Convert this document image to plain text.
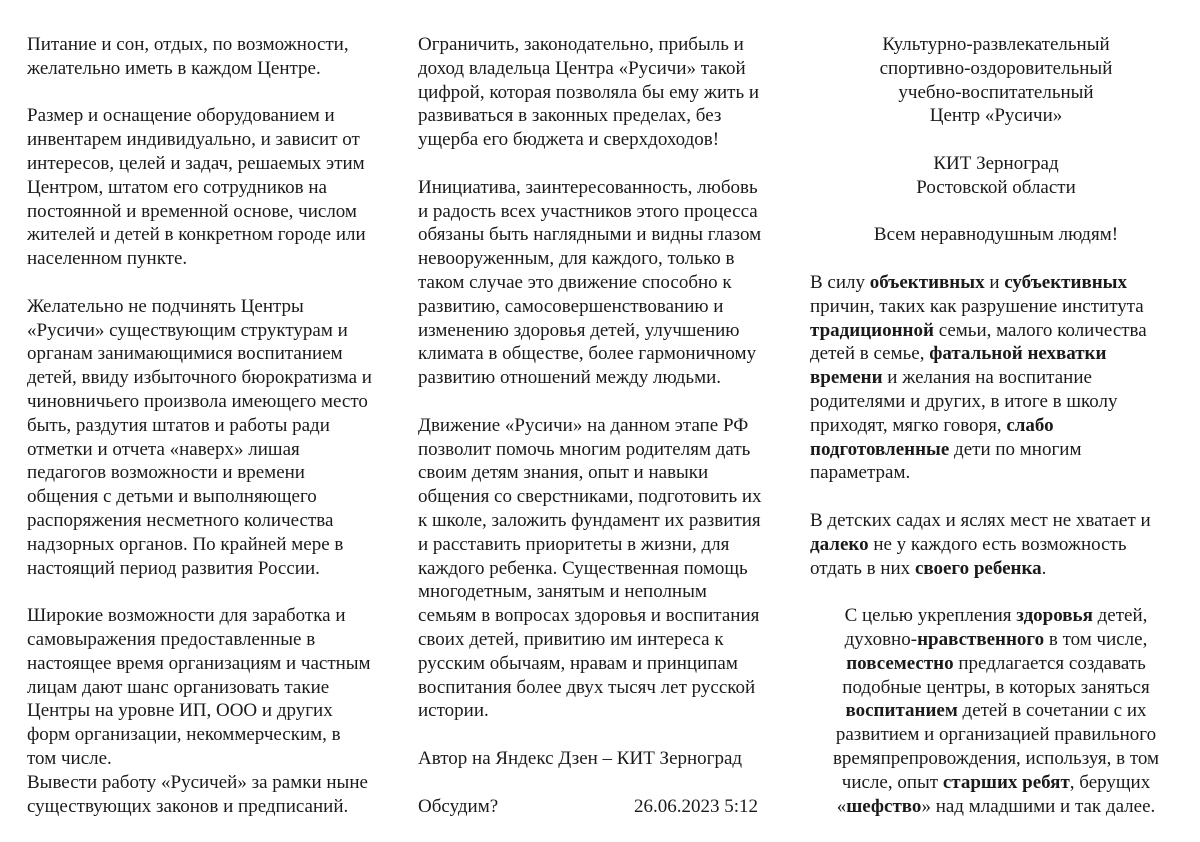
Питание и сон, отдых, по возможности,
желательно иметь в каждом Центре.
Размер и оснащение оборудованием и
инвентарем индивидуально, и зависит от
интересов, целей и задач, решаемых этим
Центром, штатом его сотрудников на
постоянной и временной основе, числом
жителей и детей в конкретном городе или
населенном пункте.
Желательно не подчинять Центры
«Русичи» существующим структурам и
органам занимающимися воспитанием
детей, ввиду избыточного бюрократизма и
чиновничьего произвола имеющего место
быть, раздутия штатов и работы ради
отметки и отчета «наверх» лишая
педагогов возможности и времени
общения с детьми и выполняющего
распоряжения несметного количества
надзорных органов. По крайней мере в
настоящий период развития России.
Широкие возможности для заработка и
самовыражения предоставленные в
настоящее время организациям и частным
лицам дают шанс организовать такие
Центры на уровне ИП, ООО и других
форм организации, некоммерческим, в
том числе.
Вывести работу «Русичей» за рамки ныне
существующих законов и предписаний.
Ограничить, законодательно, прибыль и
доход владельца Центра «Русичи» такой
цифрой, которая позволяла бы ему жить и
развиваться в законных пределах, без
ущерба его бюджета и сверхдоходов!
Инициатива, заинтересованность, любовь
и радость всех участников этого процесса
обязаны быть наглядными и видны глазом
невооруженным, для каждого, только в
таком случае это движение способно к
развитию, самосовершенствованию и
изменению здоровья детей, улучшению
климата в обществе, более гармоничному
развитию отношений между людьми.
Движение «Русичи» на данном этапе РФ
позволит помочь многим родителям дать
своим детям знания, опыт и навыки
общения со сверстниками, подготовить их
к школе, заложить фундамент их развития
и расставить приоритеты в жизни, для
каждого ребенка. Существенная помощь
многодетным, занятым и неполным
семьям в вопросах здоровья и воспитания
своих детей, привитию им интереса к
русским обычаям, нравам и принципам
воспитания более двух тысяч лет русской
истории.
Автор на Яндекс Дзен – КИТ Зерноград
Обсудим?	26.06.2023 5:12
Культурно-развлекательный
спортивно-оздоровительный
учебно-воспитательный
Центр «Русичи»
КИТ Зерноград
Ростовской области
Всем неравнодушным людям!
В силу объективных и субъективных
причин, таких как разрушение института
традиционной семьи, малого количества
детей в семье, фатальной нехватки
времени и желания на воспитание
родителями и других, в итоге в школу
приходят, мягко говоря, слабо
подготовленные дети по многим
параметрам.
В детских садах и яслях мест не хватает и
далеко не у каждого есть возможность
отдать в них своего ребенка.
С целью укрепления здоровья детей,
духовно-нравственного в том числе,
повсеместно предлагается создавать
подобные центры, в которых заняться
воспитанием детей в сочетании с их
развитием и организацией правильного
времяпрепровождения, используя, в том
числе, опыт старших ребят, берущих
«шефство» над младшими и так далее.
